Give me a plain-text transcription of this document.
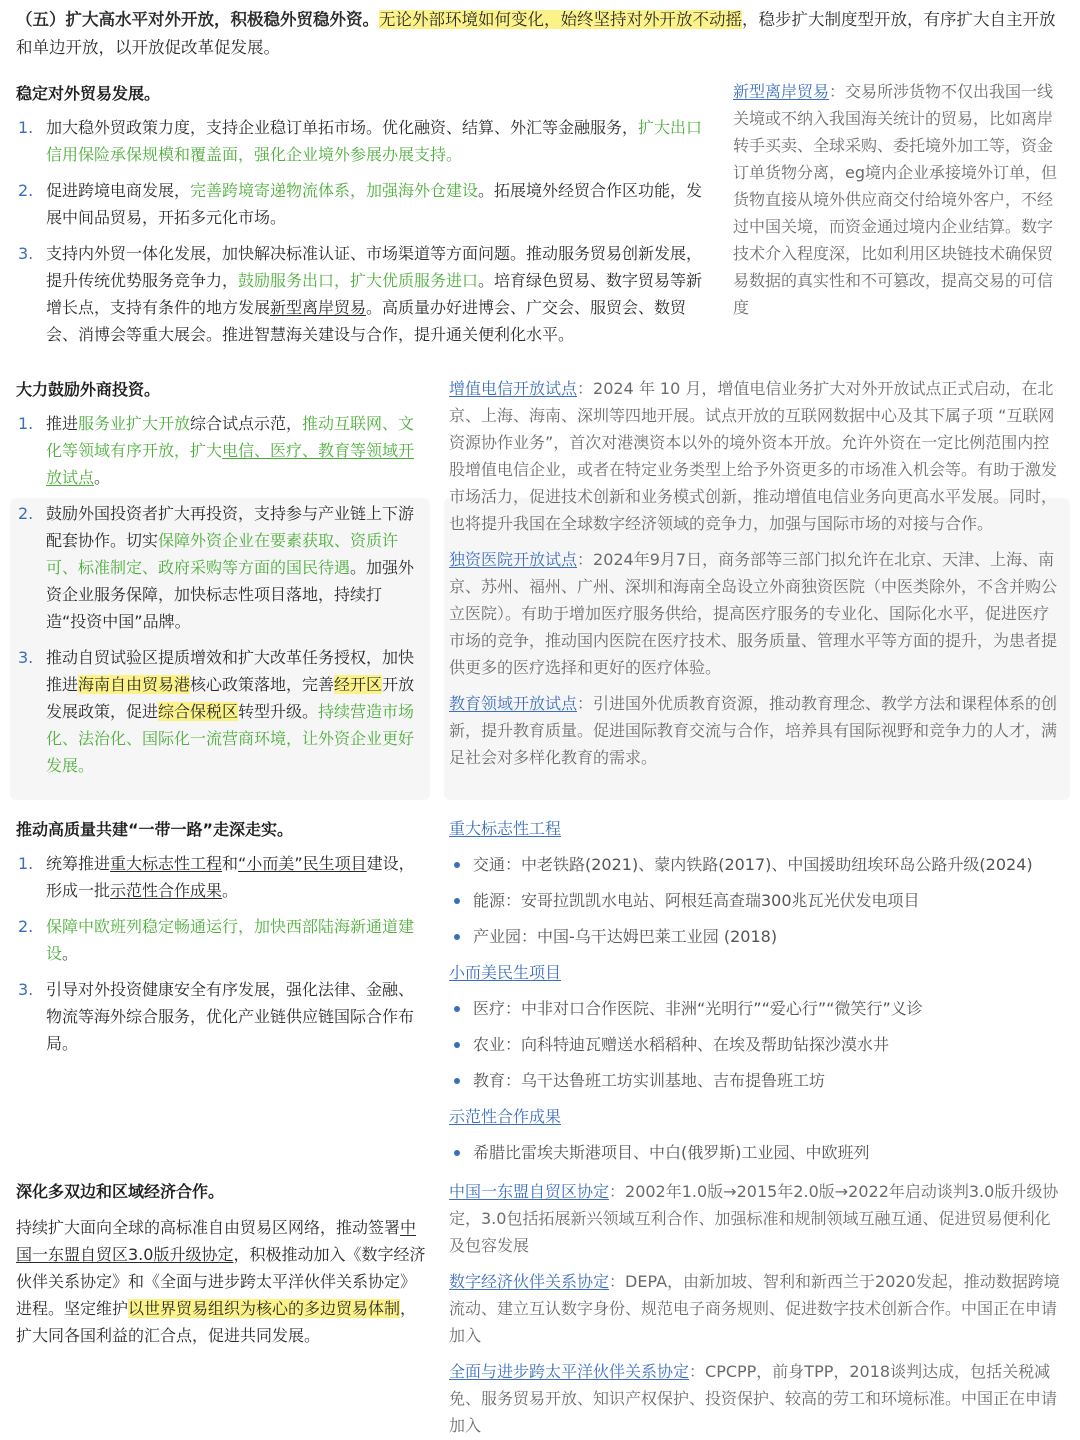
（五）扩大高水平对外开放，积极稳外贸稳外资。无论外部环境如何变化，始终坚持对外开放不动摇，稳步扩大制度型开放，有序扩大自主开放和单边开放，以开放促改革促发展。
稳定对外贸易发展。
1. 加大稳外贸政策力度，支持企业稳订单拓市场。优化融资、结算、外汇等金融服务，扩大出口信用保险承保规模和覆盖面，强化企业境外参展办展支持。
2. 促进跨境电商发展，完善跨境寄递物流体系，加强海外仓建设。拓展境外经贸合作区功能，发展中间品贸易，开拓多元化市场。
3. 支持内外贸一体化发展，加快解决标准认证、市场渠道等方面问题。推动服务贸易创新发展，提升传统优势服务竞争力，鼓励服务出口，扩大优质服务进口。培育绿色贸易、数字贸易等新增长点，支持有条件的地方发展新型离岸贸易。高质量办好进博会、广交会、服贸会、数贸会、消博会等重大展会。推进智慧海关建设与合作，提升通关便利化水平。
新型离岸贸易：交易所涉货物不仅出我国一线关境或不纳入我国海关统计的贸易，比如离岸转手买卖、全球采购、委托境外加工等，资金订单货物分离，eg境内企业承接境外订单，但货物直接从境外供应商交付给境外客户，不经过中国关境，而资金通过境内企业结算。数字技术介入程度深，比如利用区块链技术确保贸易数据的真实性和不可篡改，提高交易的可信度
大力鼓励外商投资。
1. 推进服务业扩大开放综合试点示范，推动互联网、文化等领域有序开放，扩大电信、医疗、教育等领域开放试点。
2. 鼓励外国投资者扩大再投资，支持参与产业链上下游配套协作。切实保障外资企业在要素获取、资质许可、标准制定、政府采购等方面的国民待遇。加强外资企业服务保障，加快标志性项目落地，持续打造“投资中国”品牌。
3. 推动自贸试验区提质增效和扩大改革任务授权，加快推进海南自由贸易港核心政策落地，完善经开区开放发展政策，促进综合保税区转型升级。持续营造市场化、法治化、国际化一流营商环境，让外资企业更好发展。
增值电信开放试点：2024 年 10 月，增值电信业务扩大对外开放试点正式启动，在北京、上海、海南、深圳等四地开展。试点开放的互联网数据中心及其下属子项 “互联网资源协作业务”，首次对港澳资本以外的境外资本开放。允许外资在一定比例范围内控股增值电信企业，或者在特定业务类型上给予外资更多的市场准入机会等。有助于激发市场活力，促进技术创新和业务模式创新，推动增值电信业务向更高水平发展。同时，也将提升我国在全球数字经济领域的竞争力，加强与国际市场的对接与合作。
独资医院开放试点：2024年9月7日，商务部等三部门拟允许在北京、天津、上海、南京、苏州、福州、广州、深圳和海南全岛设立外商独资医院（中医类除外，不含并购公立医院）。有助于增加医疗服务供给，提高医疗服务的专业化、国际化水平，促进医疗市场的竞争，推动国内医院在医疗技术、服务质量、管理水平等方面的提升，为患者提供更多的医疗选择和更好的医疗体验。
教育领域开放试点：引进国外优质教育资源，推动教育理念、教学方法和课程体系的创新，提升教育质量。促进国际教育交流与合作，培养具有国际视野和竞争力的人才，满足社会对多样化教育的需求。
推动高质量共建“一带一路”走深走实。
1. 统筹推进重大标志性工程和“小而美”民生项目建设，形成一批示范性合作成果。
2. 保障中欧班列稳定畅通运行，加快西部陆海新通道建设。
3. 引导对外投资健康安全有序发展，强化法律、金融、物流等海外综合服务，优化产业链供应链国际合作布局。
重大标志性工程
交通：中老铁路(2021)、蒙内铁路(2017)、中国援助纽埃环岛公路升级(2024)
能源：安哥拉凯凯水电站、阿根廷高查瑞300兆瓦光伏发电项目
产业园：中国-乌干达姆巴莱工业园 (2018)
小而美民生项目
医疗：中非对口合作医院、非洲“光明行”“爱心行”“微笑行”义诊
农业：向科特迪瓦赠送水稻稻种、在埃及帮助钻探沙漠水井
教育：乌干达鲁班工坊实训基地、吉布提鲁班工坊
示范性合作成果
希腊比雷埃夫斯港项目、中白(俄罗斯)工业园、中欧班列
深化多双边和区域经济合作。
持续扩大面向全球的高标准自由贸易区网络，推动签署中国一东盟自贸区3.0版升级协定，积极推动加入《数字经济伙伴关系协定》和《全面与进步跨太平洋伙伴关系协定》进程。坚定维护以世界贸易组织为核心的多边贸易体制，扩大同各国利益的汇合点，促进共同发展。
中国一东盟自贸区协定：2002年1.0版→2015年2.0版→2022年启动谈判3.0版升级协定，3.0包括拓展新兴领域互利合作、加强标准和规制领域互融互通、促进贸易便利化及包容发展
数字经济伙伴关系协定：DEPA，由新加坡、智利和新西兰于2020发起，推动数据跨境流动、建立互认数字身份、规范电子商务规则、促进数字技术创新合作。中国正在申请加入
全面与进步跨太平洋伙伴关系协定：CPCPP，前身TPP，2018谈判达成，包括关税减免、服务贸易开放、知识产权保护、投资保护、较高的劳工和环境标准。中国正在申请加入
